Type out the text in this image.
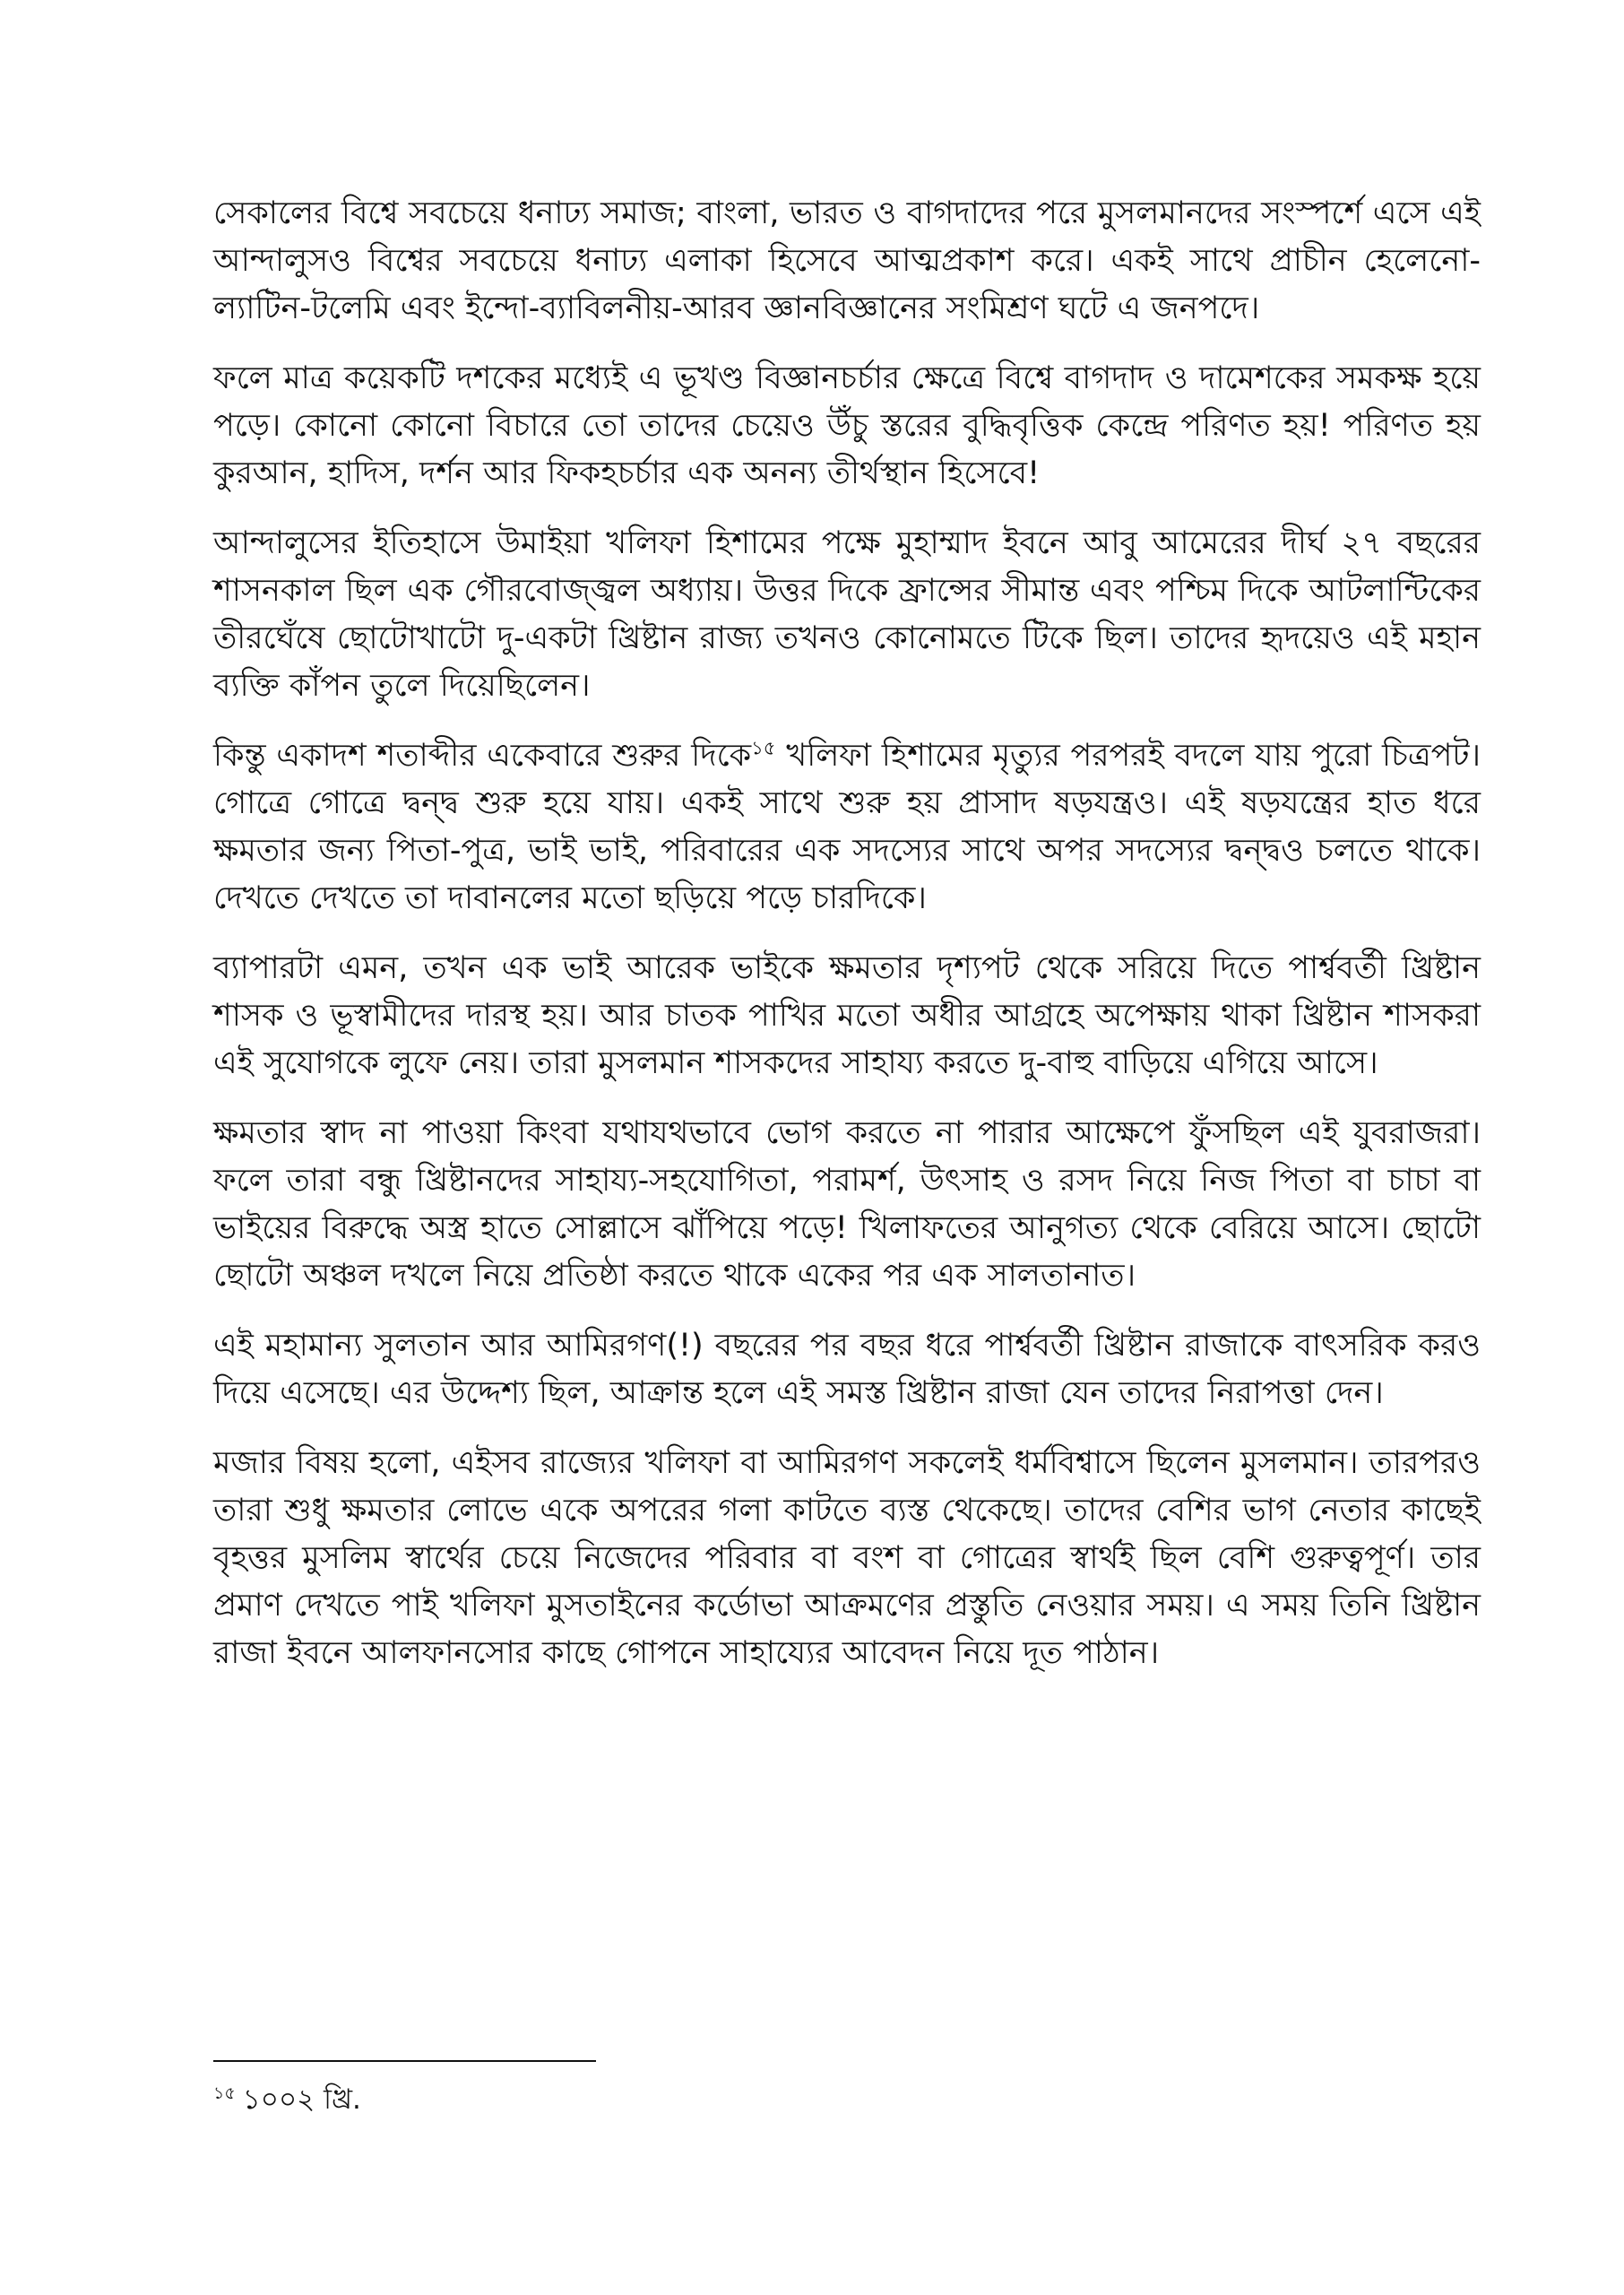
সেকালের বিশ্বে সবচেয়ে ধনাঢ্য সমাজ; বাংলা, ভারত ও বাগদাদের পরে মুসলমানদের সংস্পর্শে এসে এই আন্দালুসও বিশ্বের সবচেয়ে ধনাঢ্য এলাকা হিসেবে আত্মপ্রকাশ করে। একই সাথে প্রাচীন হেলেনো-ল্যাটিন-টলেমি এবং ইন্দো-ব্যাবিলনীয়-আরব জ্ঞানবিজ্ঞানের সংমিশ্রণ ঘটে এ জনপদে।

ফলে মাত্র কয়েকটি দশকের মধ্যেই এ ভূখণ্ড বিজ্ঞানচর্চার ক্ষেত্রে বিশ্বে বাগদাদ ও দামেশকের সমকক্ষ হয়ে পড়ে। কোনো কোনো বিচারে তো তাদের চেয়েও উঁচু স্তরের বুদ্ধিবৃত্তিক কেন্দ্রে পরিণত হয়! পরিণত হয় কুরআন, হাদিস, দর্শন আর ফিকহচর্চার এক অনন্য তীর্থস্থান হিসেবে!

আন্দালুসের ইতিহাসে উমাইয়া খলিফা হিশামের পক্ষে মুহাম্মাদ ইবনে আবু আমেরের দীর্ঘ ২৭ বছরের শাসনকাল ছিল এক গৌরবোজ্জ্বল অধ্যায়। উত্তর দিকে ফ্রান্সের সীমান্ত এবং পশ্চিম দিকে আটলান্টিকের তীরঘেঁষে ছোটোখাটো দু-একটা খ্রিষ্টান রাজ্য তখনও কোনোমতে টিকে ছিল। তাদের হৃদয়েও এই মহান ব্যক্তি কাঁপন তুলে দিয়েছিলেন।

কিন্তু একাদশ শতাব্দীর একেবারে শুরুর দিকে$^{১৫}$ খলিফা হিশামের মৃত্যুর পরপরই বদলে যায় পুরো চিত্রপট। গোত্রে গোত্রে দ্বন্দ্ব শুরু হয়ে যায়। একই সাথে শুরু হয় প্রাসাদ ষড়যন্ত্রও। এই ষড়যন্ত্রের হাত ধরে ক্ষমতার জন্য পিতা-পুত্র, ভাই ভাই, পরিবারের এক সদস্যের সাথে অপর সদস্যের দ্বন্দ্বও চলতে থাকে। দেখতে দেখতে তা দাবানলের মতো ছড়িয়ে পড়ে চারদিকে।

ব্যাপারটা এমন, তখন এক ভাই আরেক ভাইকে ক্ষমতার দৃশ্যপট থেকে সরিয়ে দিতে পার্শ্ববর্তী খ্রিষ্টান শাসক ও ভূস্বামীদের দারস্থ হয়। আর চাতক পাখির মতো অধীর আগ্রহে অপেক্ষায় থাকা খ্রিষ্টান শাসকরা এই সুযোগকে লুফে নেয়। তারা মুসলমান শাসকদের সাহায্য করতে দু-বাহু বাড়িয়ে এগিয়ে আসে।

ক্ষমতার স্বাদ না পাওয়া কিংবা যথাযথভাবে ভোগ করতে না পারার আক্ষেপে ফুঁসছিল এই যুবরাজরা। ফলে তারা বন্ধু খ্রিষ্টানদের সাহায্য-সহযোগিতা, পরামর্শ, উৎসাহ ও রসদ নিয়ে নিজ পিতা বা চাচা বা ভাইয়ের বিরুদ্ধে অস্ত্র হাতে সোল্লাসে ঝাঁপিয়ে পড়ে! খিলাফতের আনুগত্য থেকে বেরিয়ে আসে। ছোটো ছোটো অঞ্চল দখলে নিয়ে প্রতিষ্ঠা করতে থাকে একের পর এক সালতানাত।

এই মহামান্য সুলতান আর আমিরগণ(!) বছরের পর বছর ধরে পার্শ্ববর্তী খ্রিষ্টান রাজাকে বাৎসরিক করও দিয়ে এসেছে। এর উদ্দেশ্য ছিল, আক্রান্ত হলে এই সমস্ত খ্রিষ্টান রাজা যেন তাদের নিরাপত্তা দেন।

মজার বিষয় হলো, এইসব রাজ্যের খলিফা বা আমিরগণ সকলেই ধর্মবিশ্বাসে ছিলেন মুসলমান। তারপরও তারা শুধু ক্ষমতার লোভে একে অপরের গলা কাটতে ব্যস্ত থেকেছে। তাদের বেশির ভাগ নেতার কাছেই বৃহত্তর মুসলিম স্বার্থের চেয়ে নিজেদের পরিবার বা বংশ বা গোত্রের স্বার্থই ছিল বেশি গুরুত্বপূর্ণ। তার প্রমাণ দেখতে পাই খলিফা মুসতাইনের কর্ডোভা আক্রমণের প্রস্তুতি নেওয়ার সময়। এ সময় তিনি খ্রিষ্টান রাজা ইবনে আলফানসোর কাছে গোপনে সাহায্যের আবেদন নিয়ে দূত পাঠান।

$^{১৫}$ ১০০২ খ্রি.
